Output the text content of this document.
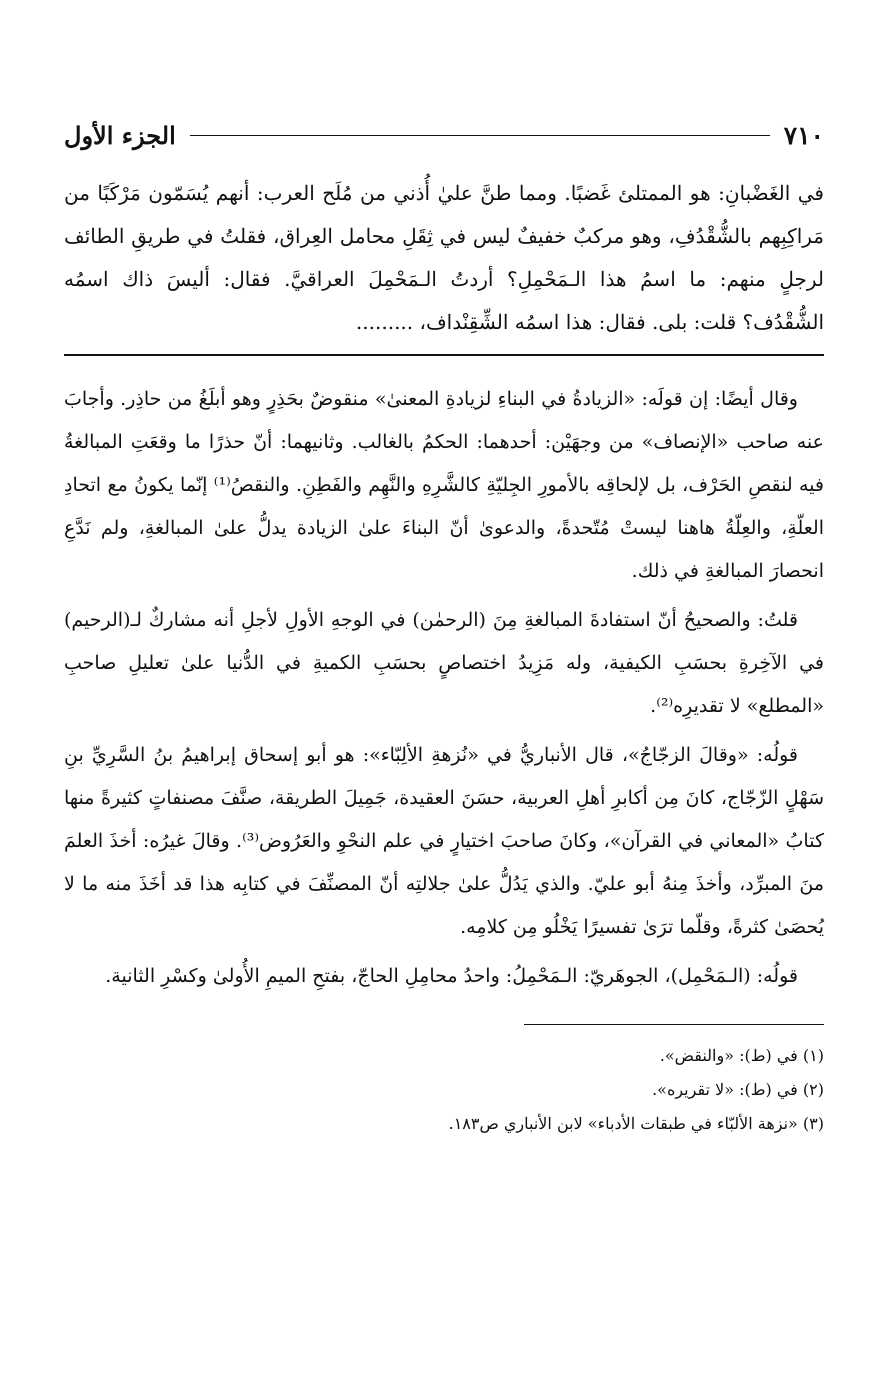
٧١٠
الجزء الأول

في الغَضْبانِ: هو الممتلئ غَضبًا. ومما طنَّ عليٰ أُذني من مُلَح العرب: أنهم يُسَمّون مَرْكَبًا من مَراكِبِهم بالشُّقْدُفِ، وهو مركبٌ خفيفٌ ليس في ثِقَلِ محامل العِراق، فقلتُ في طريقِ الطائف لرجلٍ منهم: ما اسمُ هذا الـمَحْمِلِ؟ أردتُ الـمَحْمِلَ العراقيَّ. فقال: أليسَ ذاك اسمُه الشُّقْدُف؟ قلت: بلى. فقال: هذا اسمُه الشِّقِنْداف، .........

وقال أيضًا: إن قولَه: «الزيادةُ في البناءِ لزيادةِ المعنىٰ» منقوضٌ بحَذِرٍ وهو أبلَغُ من حاذِر. وأجابَ عنه صاحب «الإنصاف» من وجهَيْن: أحدهما: الحكمُ بالغالب. وثانيهما: أنّ حذرًا ما وقعَتِ المبالغةُ فيه لنقصِ الحَرْف، بل لإلحاقِه بالأمورِ الجِليّةِ كالشَّرِهِ والنَّهِم والفَطِنِ. والنقصُ⁽¹⁾ إنّما يكونُ مع اتحادِ العلّةِ، والعِلّةُ هاهنا ليستْ مُتّحدةً، والدعوىٰ أنّ البناءَ علىٰ الزيادة يدلُّ علىٰ المبالغةِ، ولم نَدَّعِ انحصارَ المبالغةِ في ذلك.

قلتُ: والصحيحُ أنّ استفادةَ المبالغةِ مِنَ (الرحمٰن) في الوجهِ الأولِ لأجلِ أنه مشاركٌ لـ(الرحيم) في الآخِرةِ بحسَبِ الكيفية، وله مَزِيدُ اختصاصٍ بحسَبِ الكميةِ في الدُّنيا علىٰ تعليلِ صاحبِ «المطلع» لا تقديرِه⁽²⁾.

قولُه: «وقالَ الزجّاجُ»، قال الأنباريُّ في «نُزهةِ الألِبّاء»: هو أبو إسحاق إبراهيمُ بنُ السَّرِيِّ بنِ سَهْلٍ الزّجّاج، كانَ مِن أكابرِ أهلِ العربية، حسَنَ العقيدة، جَمِيلَ الطريقة، صنَّفَ مصنفاتٍ كثيرةً منها كتابُ «المعاني في القرآن»، وكانَ صاحبَ اختيارٍ في علم النحْوِ والعَرُوض⁽³⁾. وقالَ غيرُه: أخذَ العلمَ منَ المبرِّد، وأخذَ مِنهُ أبو عليّ. والذي يَدُلُّ علىٰ جلالتِه أنّ المصنِّفَ في كتابِه هذا قد أخَذَ منه ما لا يُحصَىٰ كثرةً، وقلّما ترَىٰ تفسيرًا يَخْلُو مِن كلامِه.

قولُه: (الـمَحْمِل)، الجوهَريّ: الـمَحْمِلُ: واحدُ محامِلِ الحاجّ، بفتحِ الميمِ الأُولىٰ وكسْرِ الثانية.

(١) في (ط): «والنقض».
(٢) في (ط): «لا تقريره».
(٣) «نزهة الألبّاء في طبقات الأدباء» لابن الأنباري ص١٨٣.
